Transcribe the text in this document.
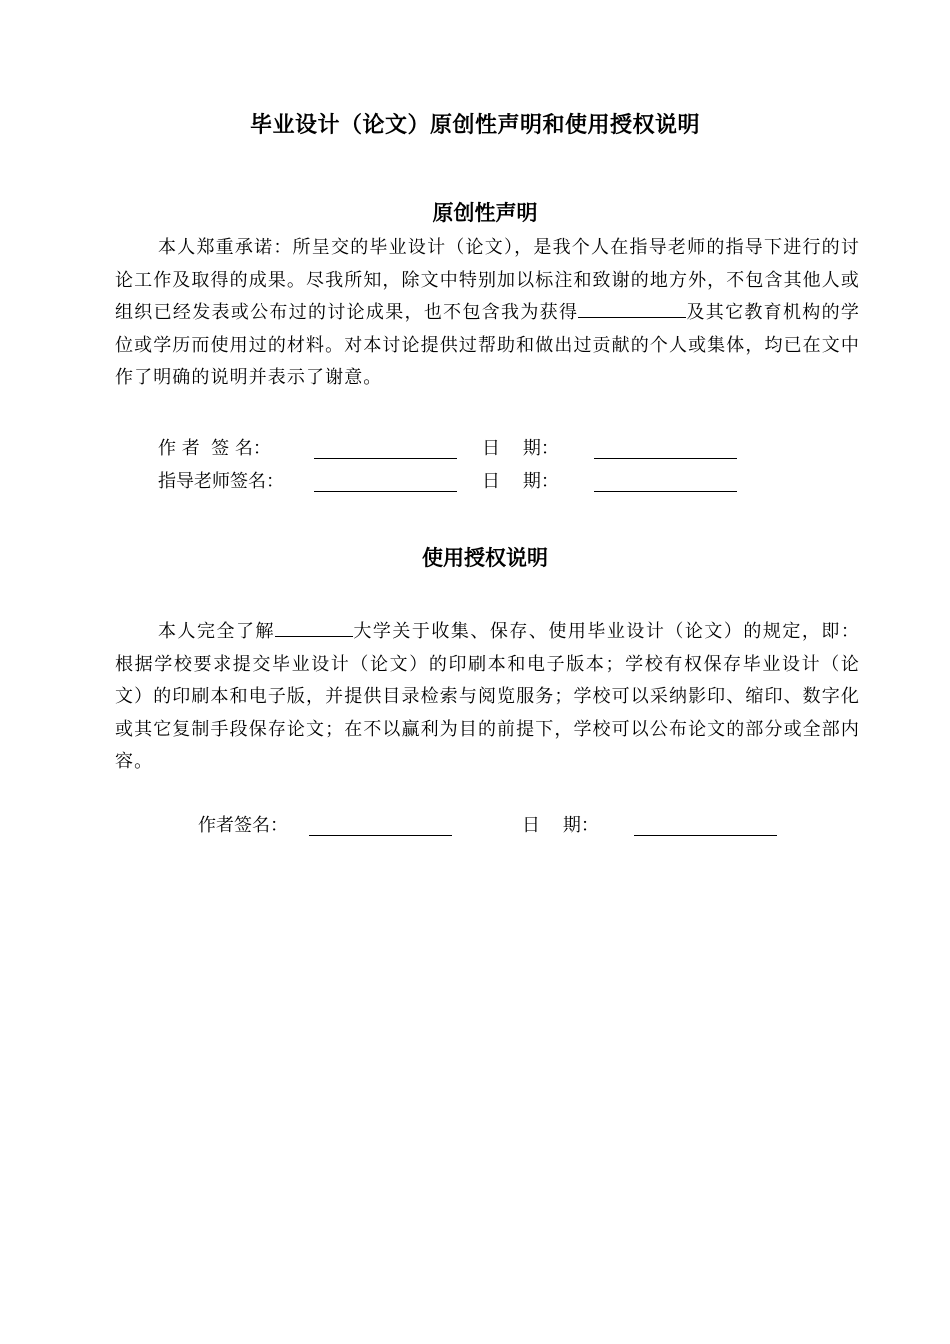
毕业设计（论文）原创性声明和使用授权说明
原创性声明

本人郑重承诺：所呈交的毕业设计（论文），是我个人在指导老师的指导下进行的讨论工作及取得的成果。尽我所知，除文中特别加以标注和致谢的地方外，不包含其他人或组织已经发表或公布过的讨论成果，也不包含我为获得	及其它教育机构的学位或学历而使用过的材料。对本讨论提供过帮助和做出过贡献的个人或集体，均已在文中作了明确的说明并表示了谢意。

作 者  签 名：	日    期：
指导老师签名：	日    期：
使用授权说明

本人完全了解	大学关于收集、保存、使用毕业设计（论文）的规定，即：根据学校要求提交毕业设计（论文）的印刷本和电子版本；学校有权保存毕业设计（论文）的印刷本和电子版，并提供目录检索与阅览服务；学校可以采纳影印、缩印、数字化或其它复制手段保存论文；在不以赢利为目的前提下，学校可以公布论文的部分或全部内容。

作者签名：	日    期：
